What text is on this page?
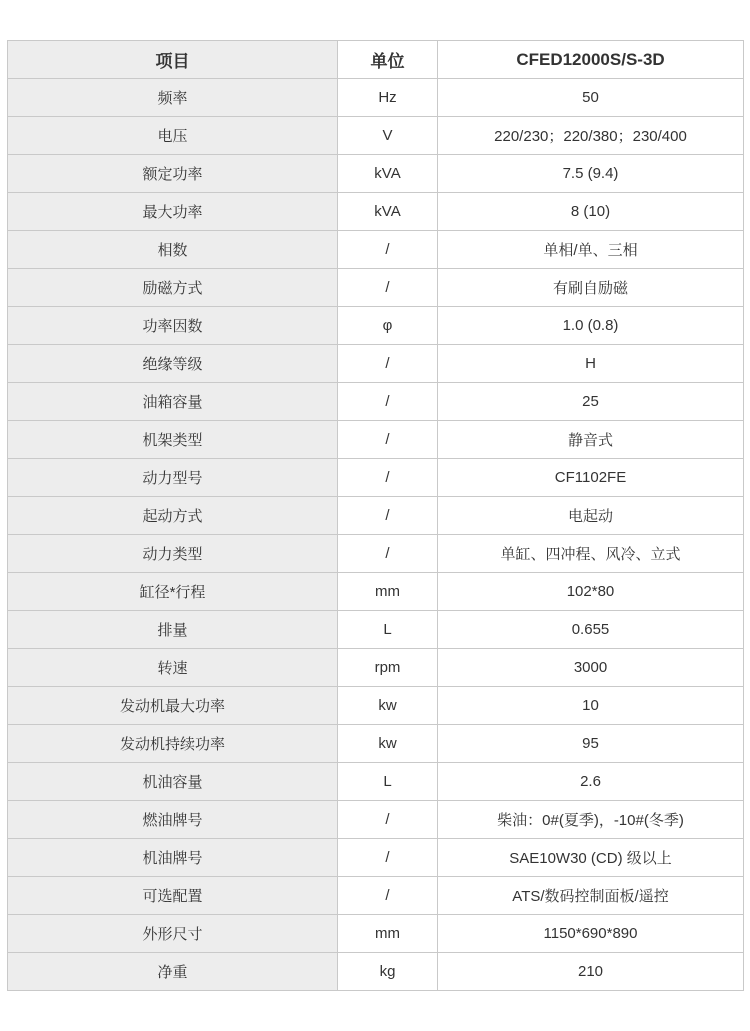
项目	单位	CFED12000S/S-3D
频率	Hz	50
电压	V	220/230；220/380；230/400
额定功率	kVA	7.5 (9.4)
最大功率	kVA	8 (10)
相数	/	单相/单、三相
励磁方式	/	有刷自励磁
功率因数	φ	1.0 (0.8)
绝缘等级	/	H
油箱容量	/	25
机架类型	/	静音式
动力型号	/	CF1102FE
起动方式	/	电起动
动力类型	/	单缸、四冲程、风冷、立式
缸径*行程	mm	102*80
排量	L	0.655
转速	rpm	3000
发动机最大功率	kw	10
发动机持续功率	kw	95
机油容量	L	2.6
燃油牌号	/	柴油：0#(夏季)，-10#(冬季)
机油牌号	/	SAE10W30 (CD) 级以上
可选配置	/	ATS/数码控制面板/遥控
外形尺寸	mm	1150*690*890
净重	kg	210
